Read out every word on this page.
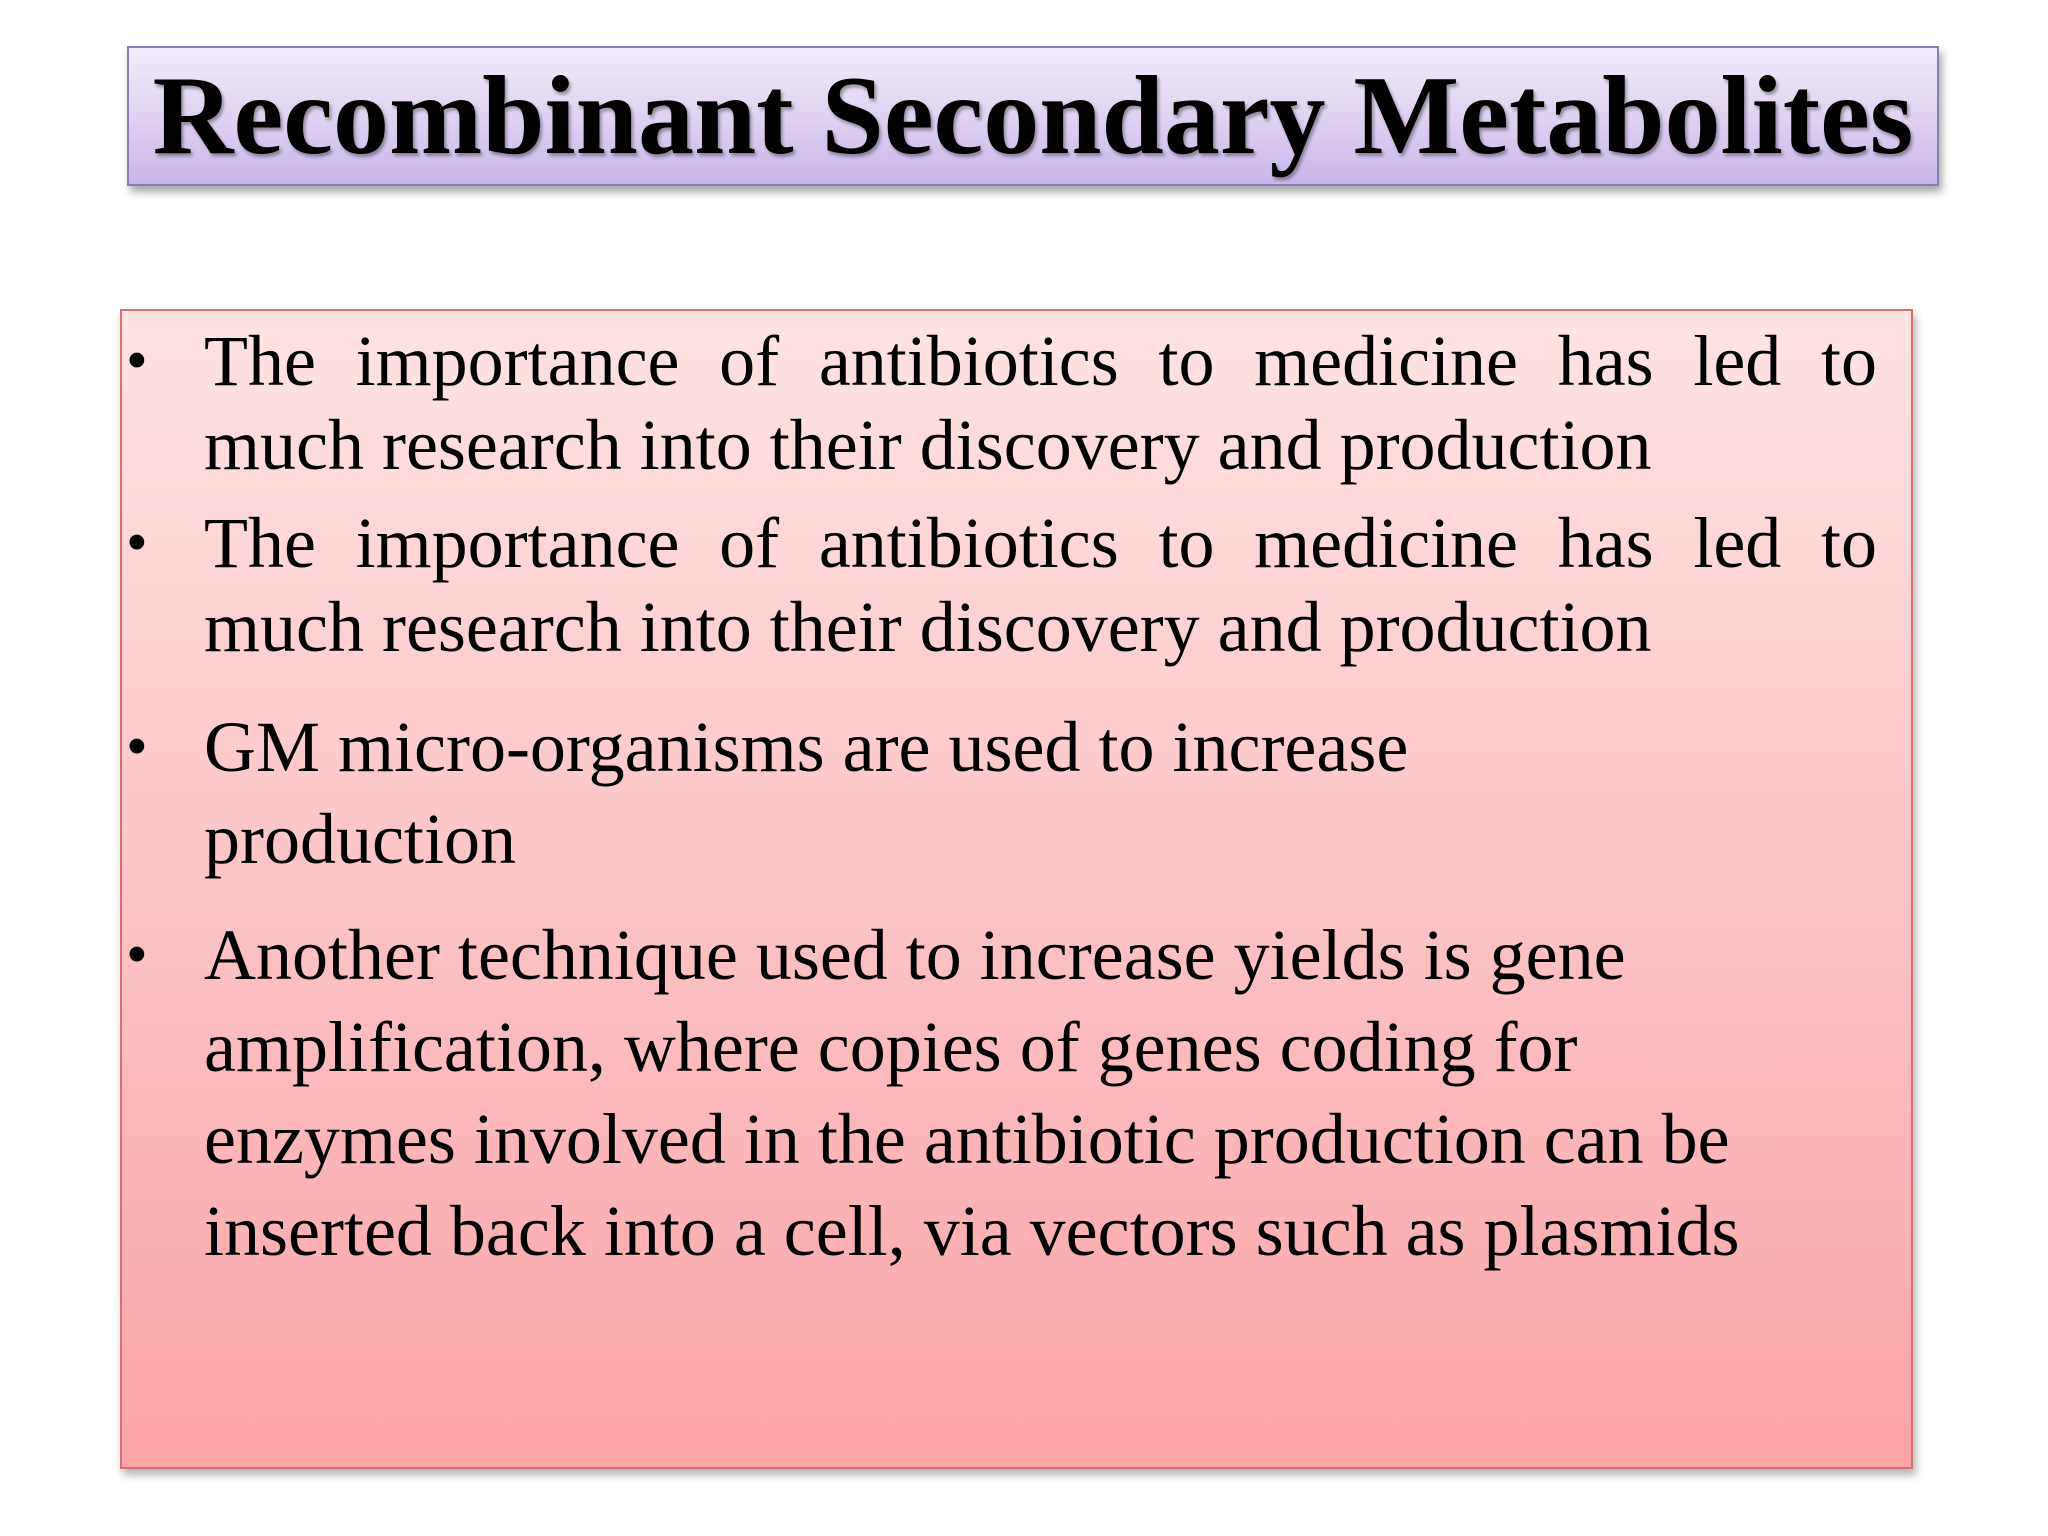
Recombinant Secondary Metabolites
• The importance of antibiotics to medicine has led to much research into their discovery and production

• The importance of antibiotics to medicine has led to much research into their discovery and production

• GM micro-organisms are used to increase production

• Another technique used to increase yields is gene amplification, where copies of genes coding for enzymes involved in the antibiotic production can be inserted back into a cell, via vectors such as plasmids
